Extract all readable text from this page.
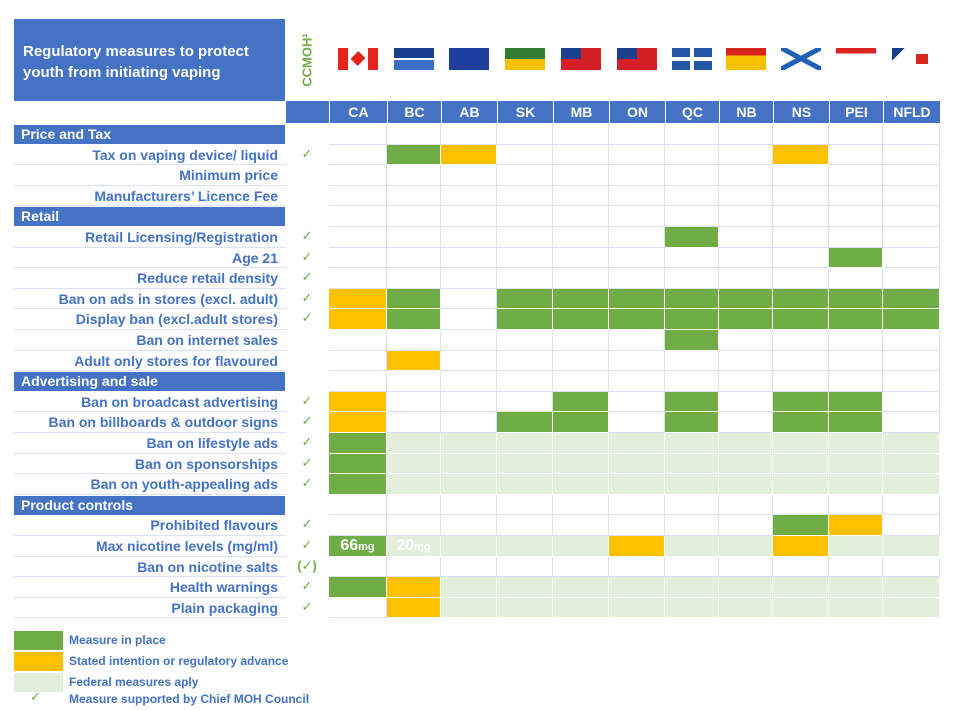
Regulatory measures to protect
youth from initiating vaping	CCMOH¹
CA	BC	AB	SK	MB	ON	QC	NB	NS	PEI	NFLD
Price and Tax
Tax on vaping device/ liquid	✓
Minimum price
Manufacturers’ Licence Fee
Retail
Retail Licensing/Registration	✓
Age 21	✓
Reduce retail density	✓
Ban on ads in stores (excl. adult)	✓
Display ban (excl.adult stores)	✓
Ban on internet sales
Adult only stores for flavoured
Advertising and sale
Ban on broadcast advertising	✓
Ban on billboards & outdoor signs	✓
Ban on lifestyle ads	✓
Ban on sponsorships	✓
Ban on youth-appealing ads	✓
Product controls
Prohibited flavours	✓
Max nicotine levels (mg/ml)	✓	66mg	20mg
Ban on nicotine salts	(✓)
Health warnings	✓
Plain packaging	✓
Measure in place
Stated intention or regulatory advance
Federal measures aply
✓ Measure supported by Chief MOH Council
